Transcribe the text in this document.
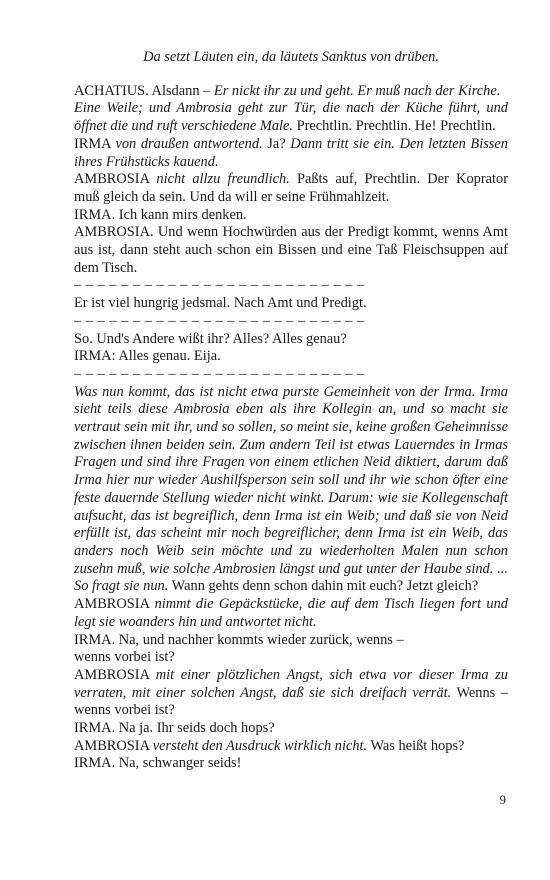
Da setzt Läuten ein, da läutets Sanktus von drüben.

ACHATIUS. Alsdann – Er nickt ihr zu und geht. Er muß nach der Kirche.

Eine Weile; und Ambrosia geht zur Tür, die nach der Küche führt, und öffnet die und ruft verschiedene Male. Prechtlin. Prechtlin. He! Prechtlin.

IRMA von draußen antwortend. Ja? Dann tritt sie ein. Den letzten Bissen ihres Frühstücks kauend.

AMBROSIA nicht allzu freundlich. Paßts auf, Prechtlin. Der Koprator muß gleich da sein. Und da will er seine Frühmahlzeit.

IRMA. Ich kann mirs denken.

AMBROSIA. Und wenn Hochwürden aus der Predigt kommt, wenns Amt aus ist, dann steht auch schon ein Bissen und eine Taß Fleischsuppen auf dem Tisch.

– – – – – – – – – – – – – – – – – – – – – – – – –

Er ist viel hungrig jedsmal. Nach Amt und Predigt.

– – – – – – – – – – – – – – – – – – – – – – – – –

So. Und's Andere wißt ihr? Alles? Alles genau?

IRMA: Alles genau. Eija.

– – – – – – – – – – – – – – – – – – – – – – – – –

Was nun kommt, das ist nicht etwa purste Gemeinheit von der Irma. Irma sieht teils diese Ambrosia eben als ihre Kollegin an, und so macht sie vertraut sein mit ihr, und so sollen, so meint sie, keine großen Geheimnisse zwischen ihnen beiden sein. Zum andern Teil ist etwas Lauerndes in Irmas Fragen und sind ihre Fragen von einem etlichen Neid diktiert, darum daß Irma hier nur wieder Aushilfsperson sein soll und ihr wie schon öfter eine feste dauernde Stellung wieder nicht winkt. Darum: wie sie Kollegenschaft aufsucht, das ist begreiflich, denn Irma ist ein Weib; und daß sie von Neid erfüllt ist, das scheint mir noch begreiflicher, denn Irma ist ein Weib, das anders noch Weib sein möchte und zu wiederholten Malen nun schon zusehn muß, wie solche Ambrosien längst und gut unter der Haube sind. ... So fragt sie nun. Wann gehts denn schon dahin mit euch? Jetzt gleich?

AMBROSIA nimmt die Gepäckstücke, die auf dem Tisch liegen fort und legt sie woanders hin und antwortet nicht.

IRMA. Na, und nachher kommts wieder zurück, wenns –

wenns vorbei ist?

AMBROSIA mit einer plötzlichen Angst, sich etwa vor dieser Irma zu verraten, mit einer solchen Angst, daß sie sich dreifach verrät. Wenns – wenns vorbei ist?

IRMA. Na ja. Ihr seids doch hops?

AMBROSIA versteht den Ausdruck wirklich nicht. Was heißt hops?

IRMA. Na, schwanger seids!

9
